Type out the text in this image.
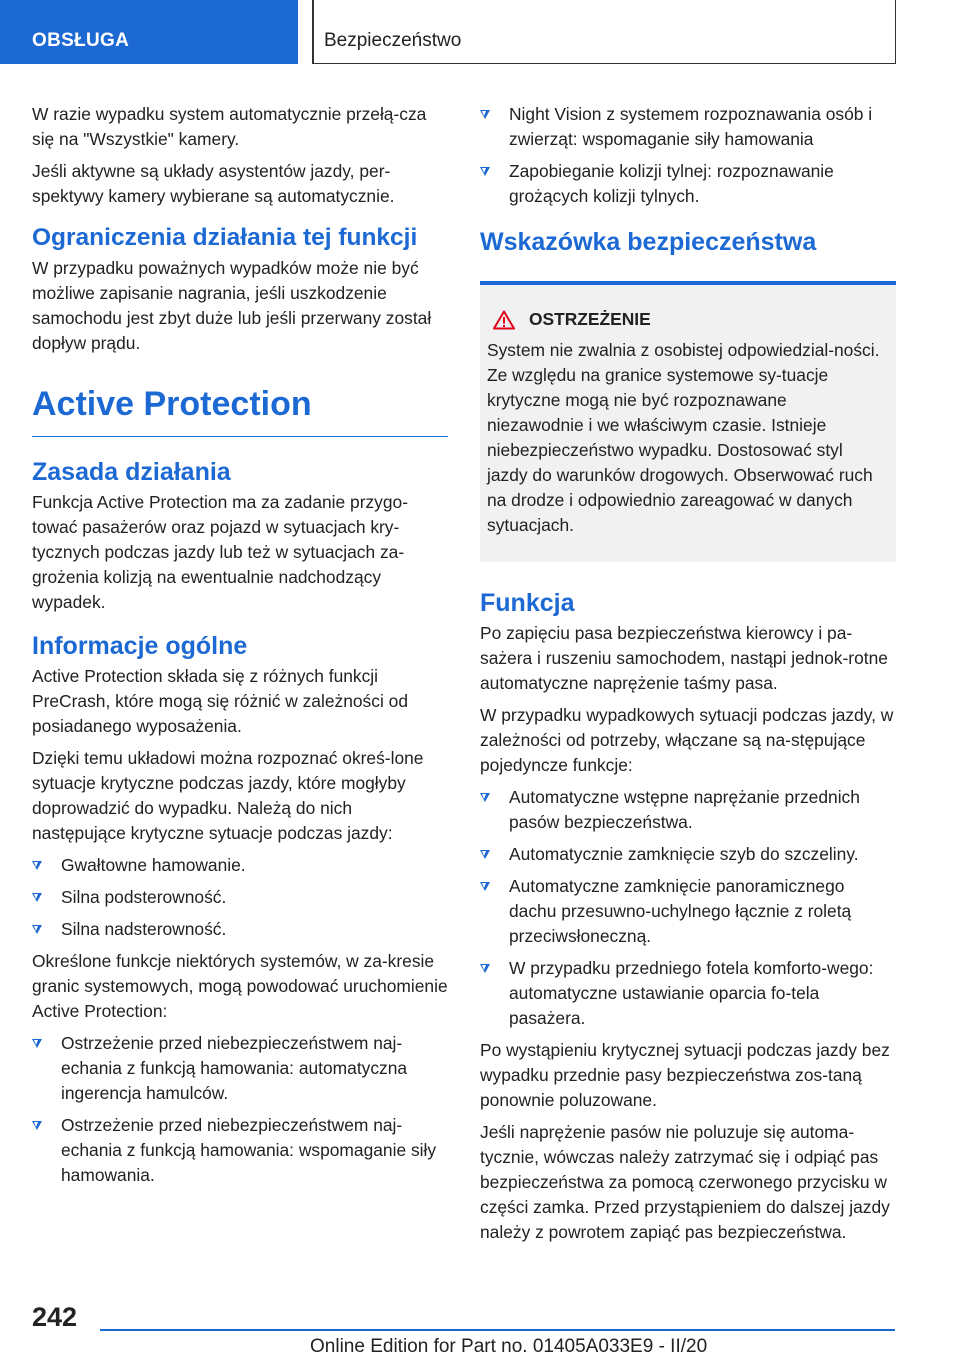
OBSŁUGA	Bezpieczeństwo

W razie wypadku system automatycznie przełą-cza się na "Wszystkie" kamery.

Jeśli aktywne są układy asystentów jazdy, per-spektywy kamery wybierane są automatycznie.

Ograniczenia działania tej funkcji

W przypadku poważnych wypadków może nie być możliwe zapisanie nagrania, jeśli uszkodzenie samochodu jest zbyt duże lub jeśli przerwany został dopływ prądu.

Active Protection
Zasada działania

Funkcja Active Protection ma za zadanie przygo-tować pasażerów oraz pojazd w sytuacjach kry-tycznych podczas jazdy lub też w sytuacjach za-grożenia kolizją na ewentualnie nadchodzący wypadek.

Informacje ogólne

Active Protection składa się z różnych funkcji PreCrash, które mogą się różnić w zależności od posiadanego wyposażenia.

Dzięki temu układowi można rozpoznać okreś-lone sytuacje krytyczne podczas jazdy, które mogłyby doprowadzić do wypadku. Należą do nich następujące krytyczne sytuacje podczas jazdy:

Gwałtowne hamowanie.
Silna podsterowność.
Silna nadsterowność.

Określone funkcje niektórych systemów, w za-kresie granic systemowych, mogą powodować uruchomienie Active Protection:

Ostrzeżenie przed niebezpieczeństwem naj-echania z funkcją hamowania: automatyczna ingerencja hamulców.
Ostrzeżenie przed niebezpieczeństwem naj-echania z funkcją hamowania: wspomaganie siły hamowania.
Night Vision z systemem rozpoznawania osób i zwierząt: wspomaganie siły hamowania
Zapobieganie kolizji tylnej: rozpoznawanie grożących kolizji tylnych.
Wskazówka bezpieczeństwa
OSTRZEŻENIE

System nie zwalnia z osobistej odpowiedzial-ności. Ze względu na granice systemowe sy-tuacje krytyczne mogą nie być rozpoznawane niezawodnie i we właściwym czasie. Istnieje niebezpieczeństwo wypadku. Dostosować styl jazdy do warunków drogowych. Obserwować ruch na drodze i odpowiednio zareagować w danych sytuacjach.

Funkcja

Po zapięciu pasa bezpieczeństwa kierowcy i pa-sażera i ruszeniu samochodem, nastąpi jednok-rotne automatyczne naprężenie taśmy pasa.

W przypadku wypadkowych sytuacji podczas jazdy, w zależności od potrzeby, włączane są na-stępujące pojedyncze funkcje:

Automatyczne wstępne naprężanie przednich pasów bezpieczeństwa.
Automatycznie zamknięcie szyb do szczeliny.
Automatyczne zamknięcie panoramicznego dachu przesuwno-uchylnego łącznie z roletą przeciwsłoneczną.
W przypadku przedniego fotela komforto-wego: automatyczne ustawianie oparcia fo-tela pasażera.

Po wystąpieniu krytycznej sytuacji podczas jazdy bez wypadku przednie pasy bezpieczeństwa zos-taną ponownie poluzowane.

Jeśli naprężenie pasów nie poluzuje się automa-tycznie, wówczas należy zatrzymać się i odpiąć pas bezpieczeństwa za pomocą czerwonego przycisku w części zamka. Przed przystąpieniem do dalszej jazdy należy z powrotem zapiąć pas bezpieczeństwa.

242
Online Edition for Part no. 01405A033E9 - II/20
